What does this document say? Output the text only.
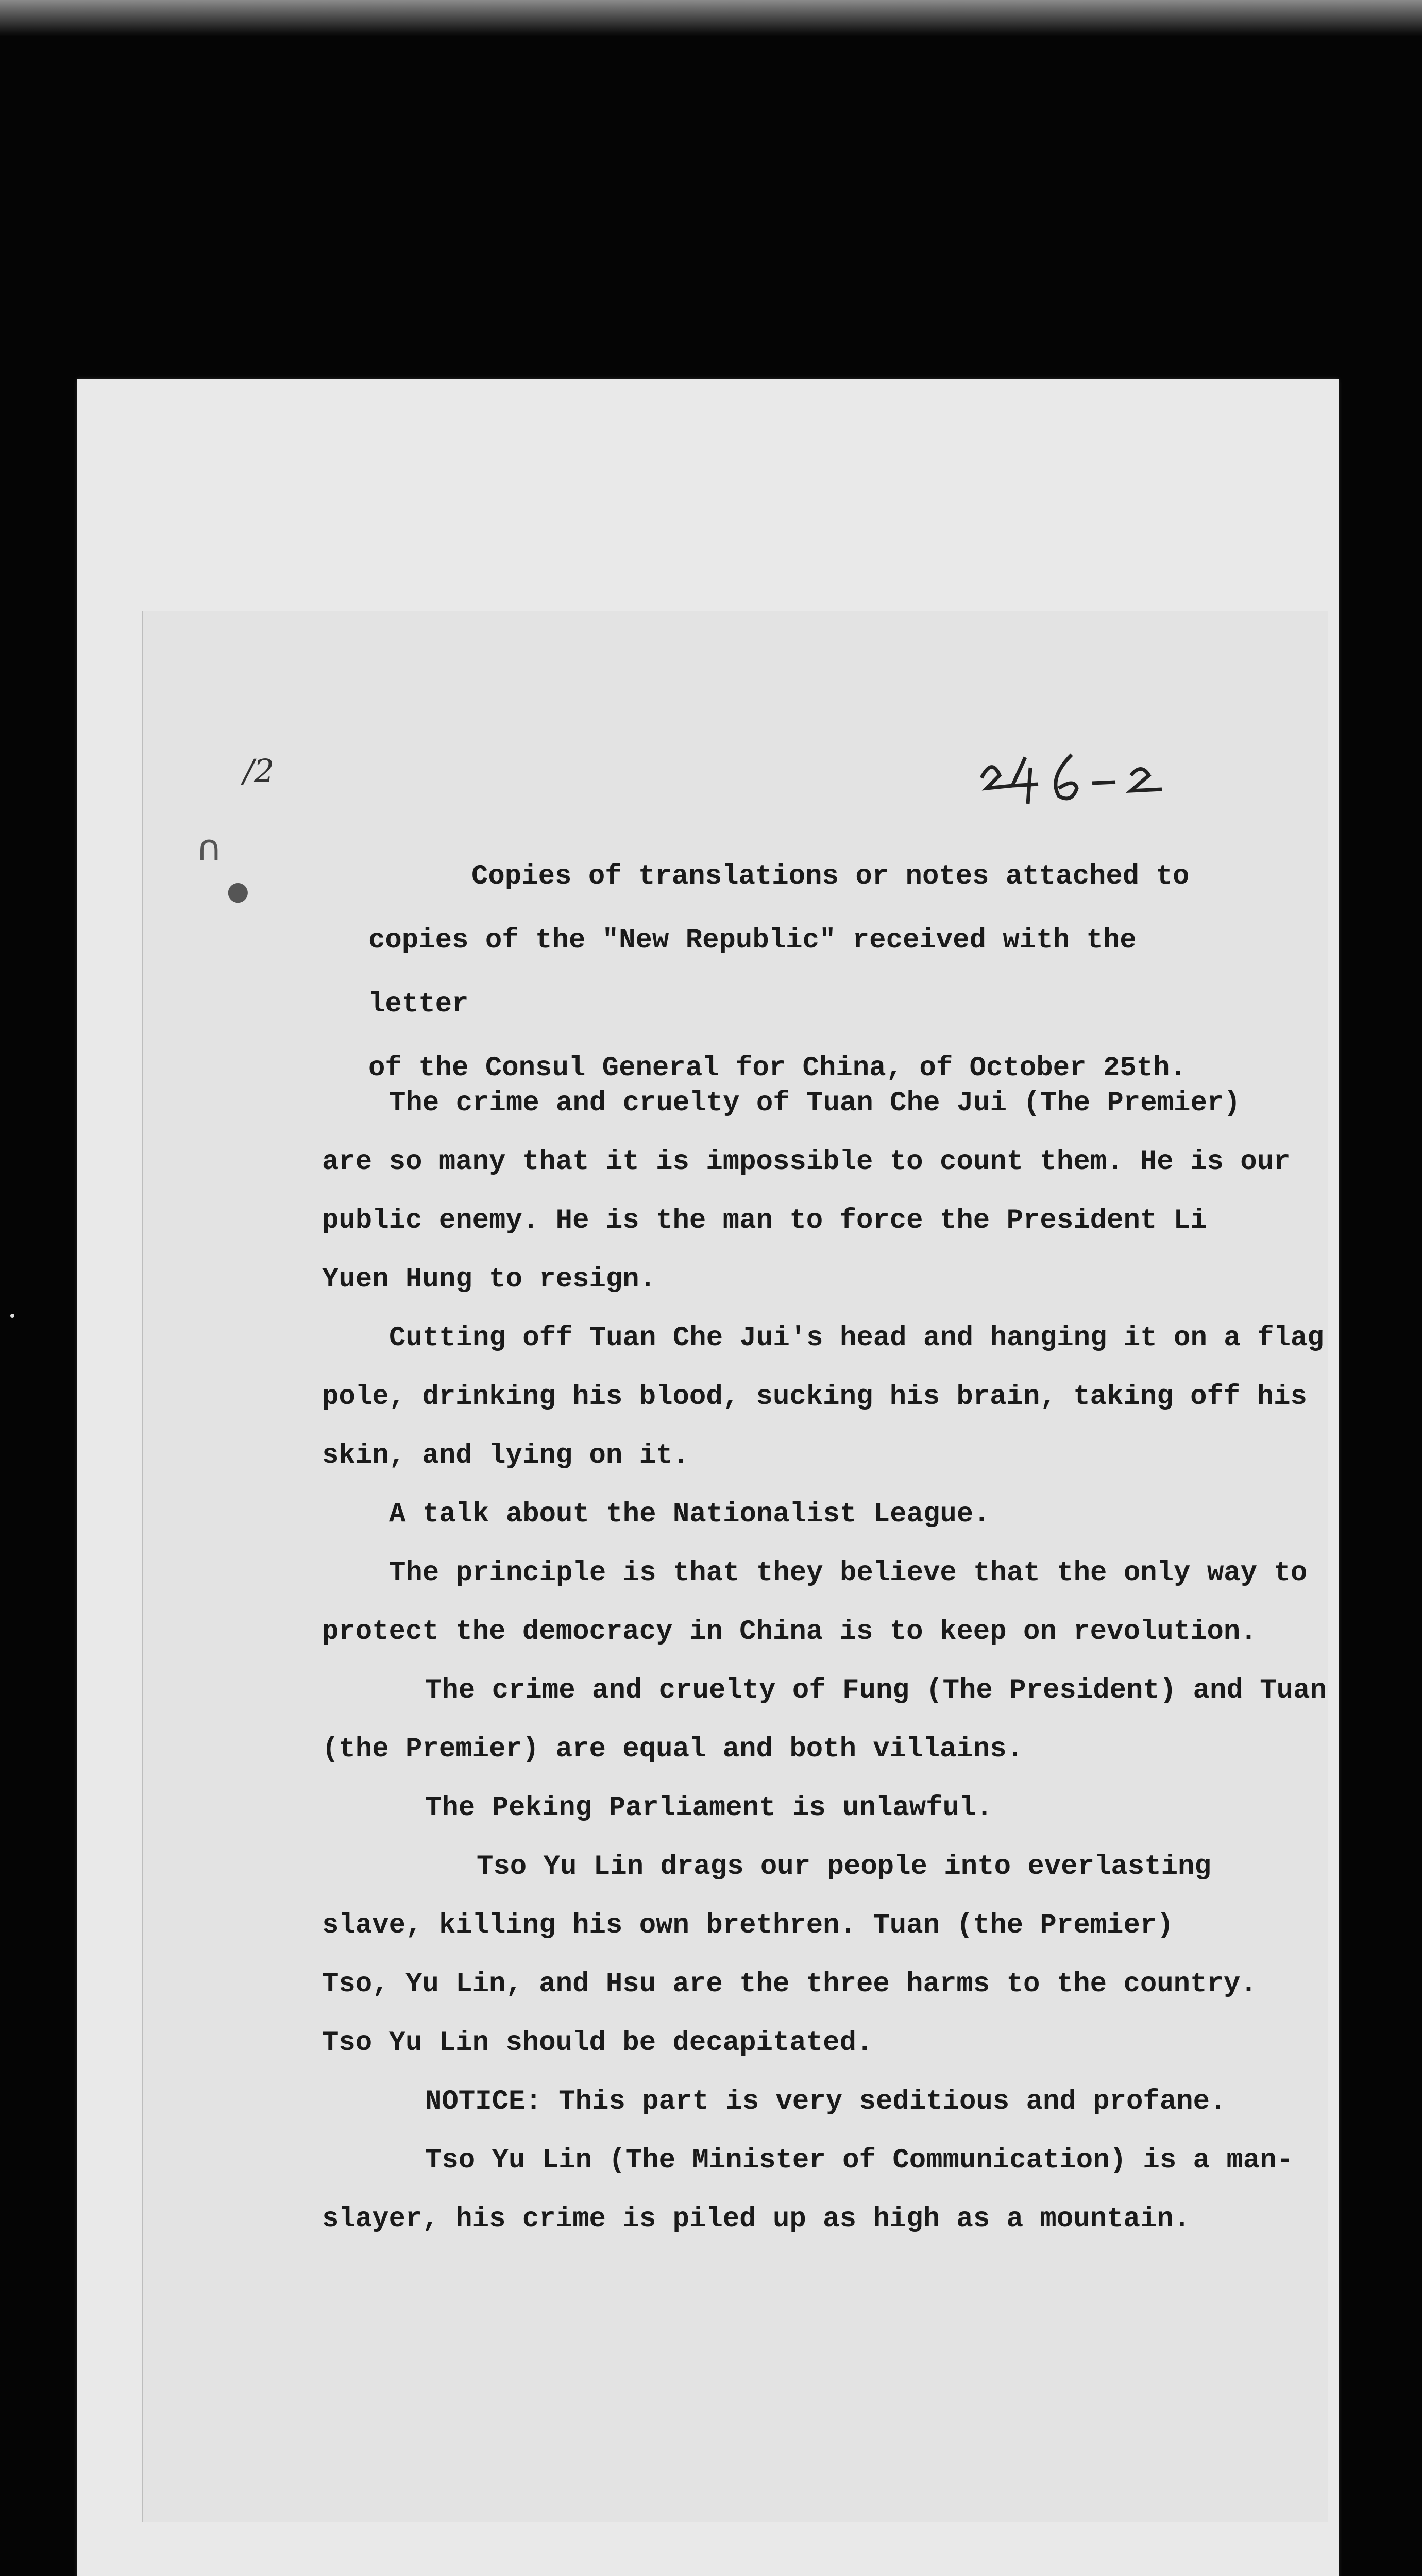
/2
∩
●	Copies of translations or notes attached to
copies of the "New Republic" received with the letter
of the Consul General for China, of October 25th.

The crime and cruelty of Tuan Che Jui (The Premier)

are so many that it is impossible to count them. He is our

public enemy. He is the man to force the President Li

Yuen Hung to resign.

Cutting off Tuan Che Jui's head and hanging it on a flag

pole, drinking his blood, sucking his brain, taking off his

skin, and lying on it.

A talk about the Nationalist League.

The principle is that they believe that the only way to

protect the democracy in China is to keep on revolution.

The crime and cruelty of Fung (The President) and Tuan

(the Premier) are equal and both villains.

The Peking Parliament is unlawful.

Tso Yu Lin drags our people into everlasting

slave, killing his own brethren. Tuan (the Premier)

Tso, Yu Lin, and Hsu are the three harms to the country.

Tso Yu Lin should be decapitated.

NOTICE: This part is very seditious and profane.

Tso Yu Lin (The Minister of Communication) is a man-

slayer, his crime is piled up as high as a mountain.
